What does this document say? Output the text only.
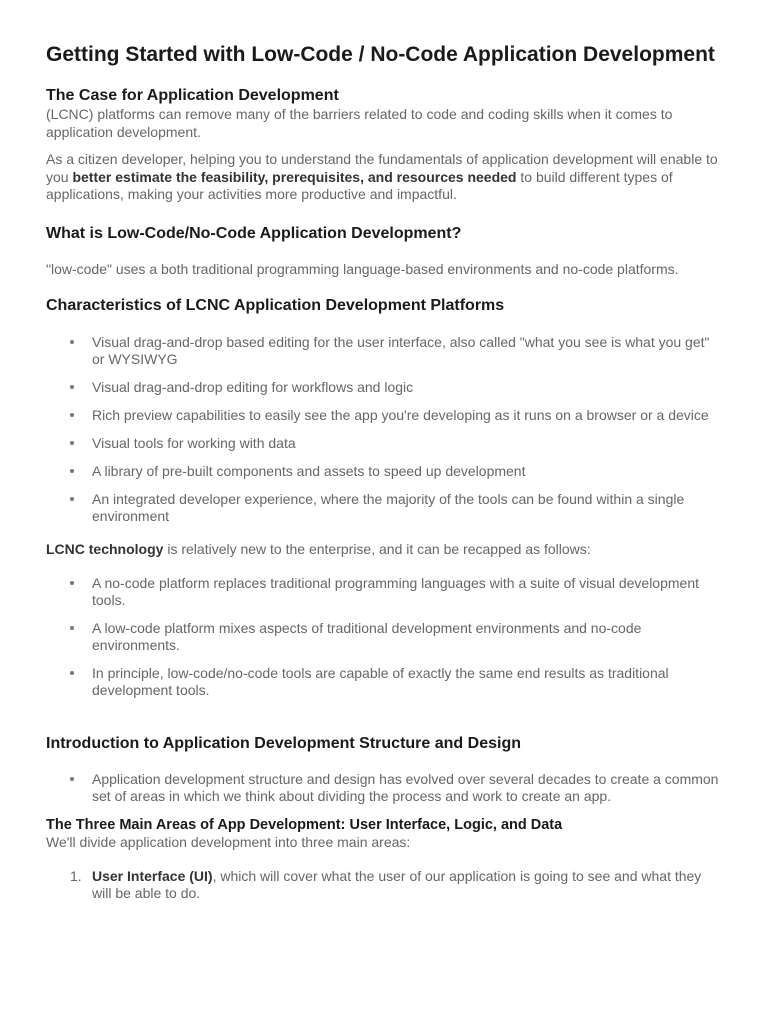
Getting Started with Low-Code / No-Code Application Development
The Case for Application Development

(LCNC) platforms can remove many of the barriers related to code and coding skills when it comes to application development.

As a citizen developer, helping you to understand the fundamentals of application development will enable to you better estimate the feasibility, prerequisites, and resources needed to build different types of applications, making your activities more productive and impactful.

What is Low-Code/No-Code Application Development?

"low-code" uses a both traditional programming language-based environments and no-code platforms.

Characteristics of LCNC Application Development Platforms
Visual drag-and-drop based editing for the user interface, also called "what you see is what you get" or WYSIWYG
Visual drag-and-drop editing for workflows and logic
Rich preview capabilities to easily see the app you're developing as it runs on a browser or a device
Visual tools for working with data
A library of pre-built components and assets to speed up development
An integrated developer experience, where the majority of the tools can be found within a single environment

LCNC technology is relatively new to the enterprise, and it can be recapped as follows:

A no-code platform replaces traditional programming languages with a suite of visual development tools.
A low-code platform mixes aspects of traditional development environments and no-code environments.
In principle, low-code/no-code tools are capable of exactly the same end results as traditional development tools.
Introduction to Application Development Structure and Design
Application development structure and design has evolved over several decades to create a common set of areas in which we think about dividing the process and work to create an app.
The Three Main Areas of App Development: User Interface, Logic, and Data

We'll divide application development into three main areas:

1. User Interface (UI), which will cover what the user of our application is going to see and what they will be able to do.
